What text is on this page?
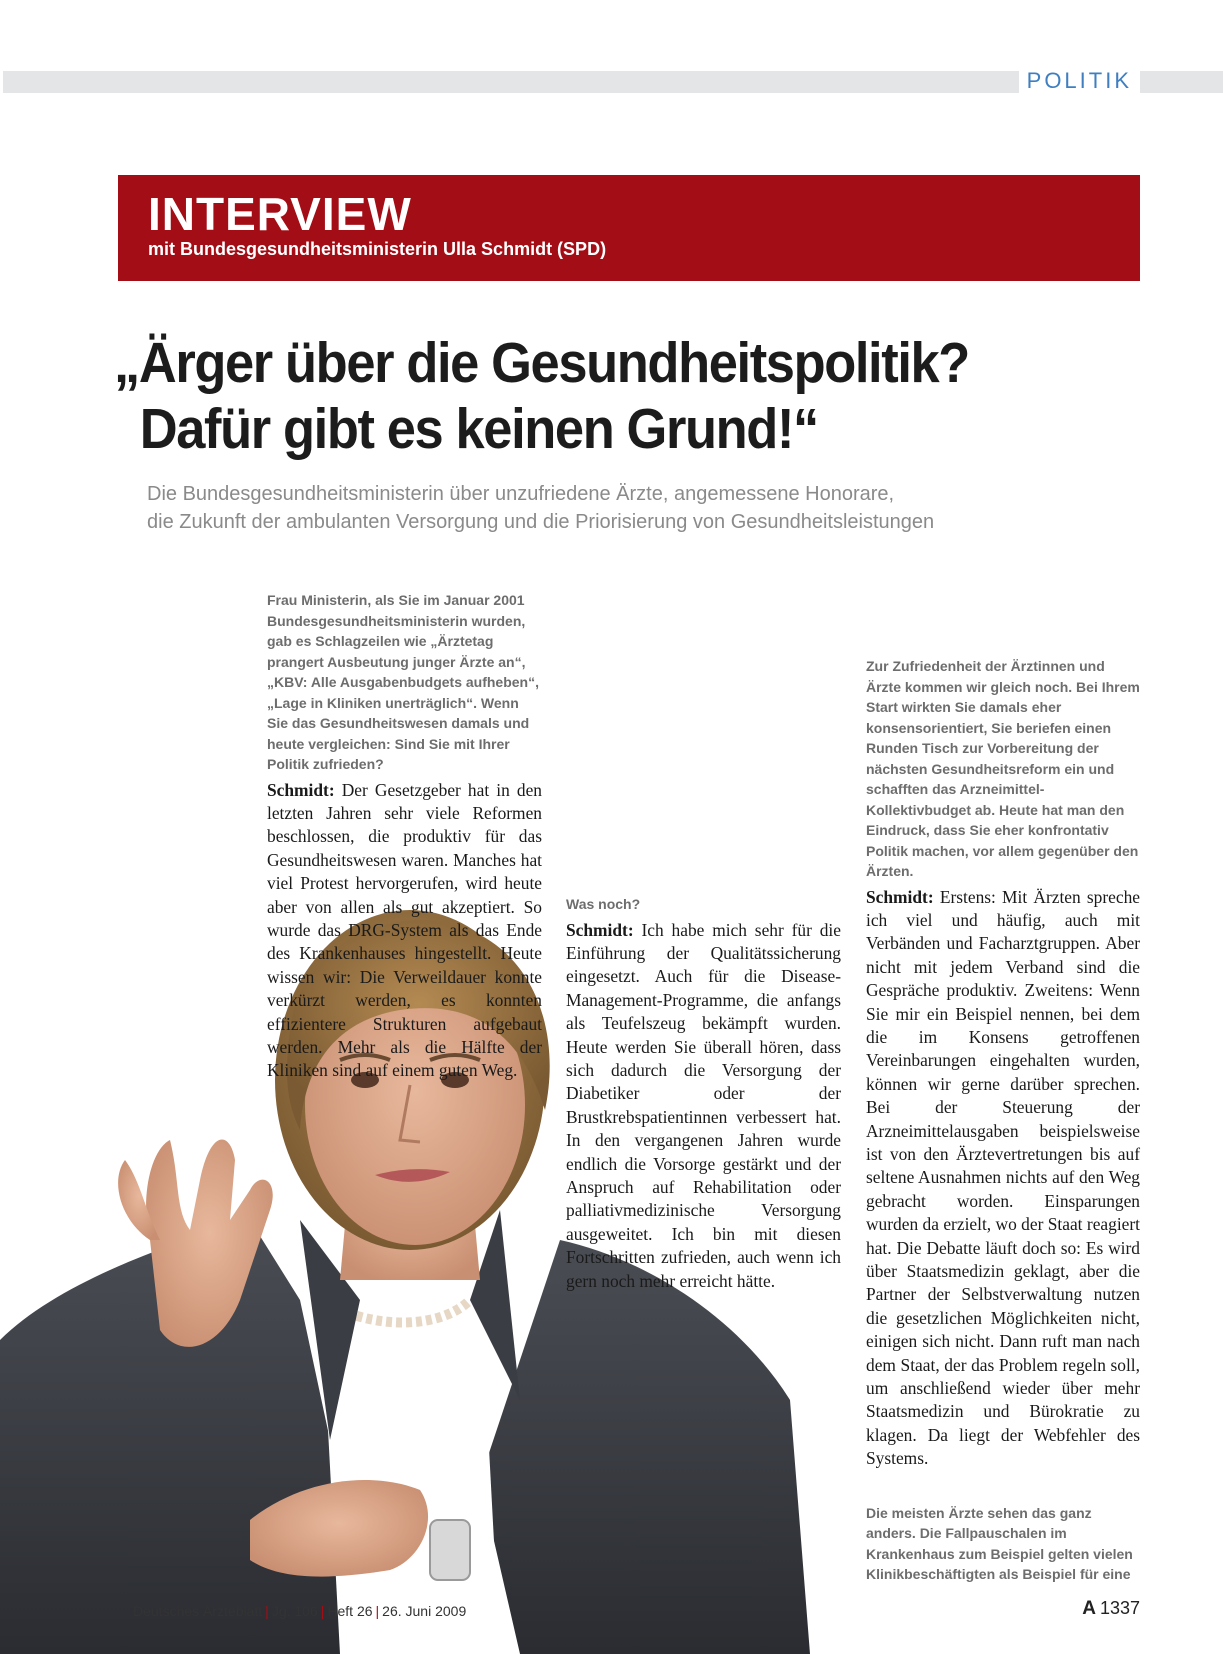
POLITIK
INTERVIEW
mit Bundesgesundheitsministerin Ulla Schmidt (SPD)
„Ärger über die Gesundheitspolitik?
Dafür gibt es keinen Grund!“

Die Bundesgesundheitsministerin über unzufriedene Ärzte, angemessene Honorare,
die Zukunft der ambulanten Versorgung und die Priorisierung von Gesundheitsleistungen

Frau Ministerin, als Sie im Januar 2001 Bundesgesundheitsministerin wurden, gab es Schlagzeilen wie „Ärztetag prangert Ausbeutung junger Ärzte an“, „KBV: Alle Ausgabenbudgets aufheben“, „Lage in Kliniken unerträglich“. Wenn Sie das Gesundheitswesen damals und heute vergleichen: Sind Sie mit Ihrer Politik zufrieden?

Schmidt: Der Gesetzgeber hat in den letzten Jahren sehr viele Reformen beschlossen, die produktiv für das Gesundheitswesen waren. Manches hat viel Protest hervorgerufen, wird heute aber von allen als gut akzeptiert. So wurde das DRG-System als das Ende des Krankenhauses hingestellt. Heute wissen wir: Die Verweildauer konnte verkürzt werden, es konnten effizientere Strukturen aufgebaut werden. Mehr als die Hälfte der Kliniken sind auf einem guten Weg.

Was noch?

Schmidt: Ich habe mich sehr für die Einführung der Qualitätssicherung eingesetzt. Auch für die Disease-Management-Programme, die anfangs als Teufelszeug bekämpft wurden. Heute werden Sie überall hören, dass sich dadurch die Versorgung der Diabetiker oder der Brustkrebspatientinnen verbessert hat. In den vergangenen Jahren wurde endlich die Vorsorge gestärkt und der Anspruch auf Rehabilitation oder palliativmedizinische Versorgung ausgeweitet. Ich bin mit diesen Fortschritten zufrieden, auch wenn ich gern noch mehr erreicht hätte.

Zur Zufriedenheit der Ärztinnen und Ärzte kommen wir gleich noch. Bei Ihrem Start wirkten Sie damals eher konsensorientiert, Sie beriefen einen Runden Tisch zur Vorbereitung der nächsten Gesundheitsreform ein und schafften das Arzneimittel-Kollektivbudget ab. Heute hat man den Eindruck, dass Sie eher konfrontativ Politik machen, vor allem gegenüber den Ärzten.

Schmidt: Erstens: Mit Ärzten spreche ich viel und häufig, auch mit Verbänden und Facharztgruppen. Aber nicht mit jedem Verband sind die Gespräche produktiv. Zweitens: Wenn Sie mir ein Beispiel nennen, bei dem die im Konsens getroffenen Vereinbarungen eingehalten wurden, können wir gerne darüber sprechen. Bei der Steuerung der Arzneimittelausgaben beispielsweise ist von den Ärztevertretungen bis auf seltene Ausnahmen nichts auf den Weg gebracht worden. Einsparungen wurden da erzielt, wo der Staat reagiert hat. Die Debatte läuft doch so: Es wird über Staatsmedizin geklagt, aber die Partner der Selbstverwaltung nutzen die gesetzlichen Möglichkeiten nicht, einigen sich nicht. Dann ruft man nach dem Staat, der das Problem regeln soll, um anschließend wieder über mehr Staatsmedizin und Bürokratie zu klagen. Da liegt der Webfehler des Systems.

Die meisten Ärzte sehen das ganz anders. Die Fallpauschalen im Krankenhaus zum Beispiel gelten vielen Klinikbeschäftigten als Beispiel für eine

Deutsches Ärzteblatt | Jg. 106 | Heft 26 | 26. Juni 2009	A 1337
